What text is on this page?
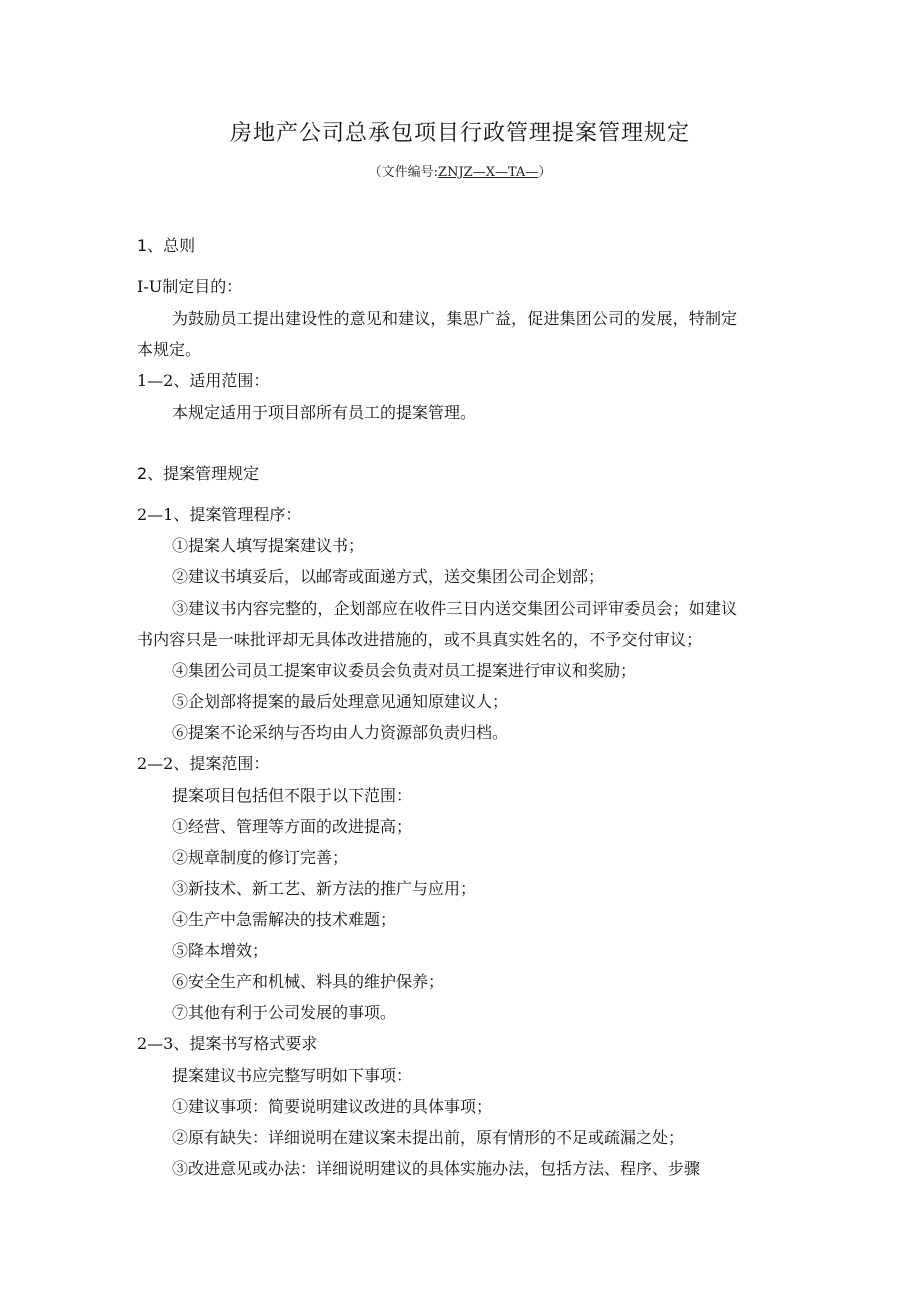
房地产公司总承包项目行政管理提案管理规定
（文件编号:ZNJZ—X—TA—）
1、总则
I-U制定目的：
为鼓励员工提出建设性的意见和建议，集思广益，促进集团公司的发展，特制定
本规定。
1—2、适用范围：
本规定适用于项目部所有员工的提案管理。
2、提案管理规定
2—1、提案管理程序：
①提案人填写提案建议书；
②建议书填妥后，以邮寄或面递方式，送交集团公司企划部；
③建议书内容完整的，企划部应在收件三日内送交集团公司评审委员会；如建议
书内容只是一味批评却无具体改进措施的，或不具真实姓名的，不予交付审议；
④集团公司员工提案审议委员会负责对员工提案进行审议和奖励；
⑤企划部将提案的最后处理意见通知原建议人；
⑥提案不论采纳与否均由人力资源部负责归档。
2—2、提案范围：
提案项目包括但不限于以下范围：
①经营、管理等方面的改进提高；
②规章制度的修订完善；
③新技术、新工艺、新方法的推广与应用；
④生产中急需解决的技术难题；
⑤降本增效；
⑥安全生产和机械、料具的维护保养；
⑦其他有利于公司发展的事项。
2—3、提案书写格式要求
提案建议书应完整写明如下事项：
①建议事项：简要说明建议改进的具体事项；
②原有缺失：详细说明在建议案未提出前，原有情形的不足或疏漏之处；
③改进意见或办法：详细说明建议的具体实施办法，包括方法、程序、步骤
